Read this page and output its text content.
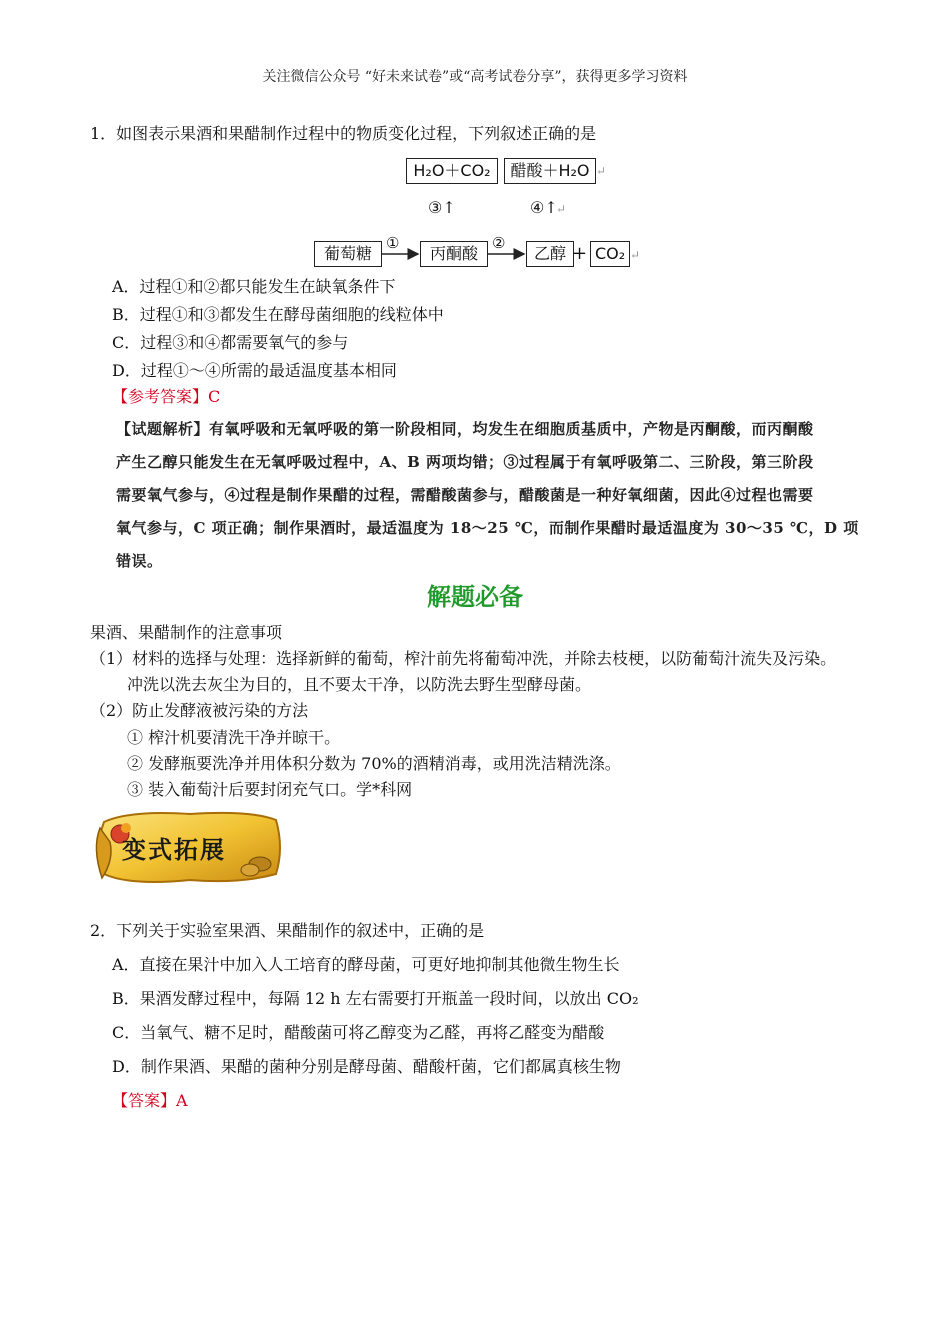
关注微信公众号 “好未来试卷”或“高考试卷分享”，获得更多学习资料
1．如图表示果酒和果醋制作过程中的物质变化过程，下列叙述正确的是
H₂O＋CO₂	醋酸＋H₂O ↵
③↑	④↑
↵
葡萄糖	丙酮酸	乙醇 + CO₂ ↵
①	②
A．过程①和②都只能发生在缺氧条件下
B．过程①和③都发生在酵母菌细胞的线粒体中
C．过程③和④都需要氧气的参与
D．过程①～④所需的最适温度基本相同
【参考答案】C
【试题解析】有氧呼吸和无氧呼吸的第一阶段相同，均发生在细胞质基质中，产物是丙酮酸，而丙酮酸
产生乙醇只能发生在无氧呼吸过程中，A、B 两项均错；③过程属于有氧呼吸第二、三阶段，第三阶段
需要氧气参与，④过程是制作果醋的过程，需醋酸菌参与，醋酸菌是一种好氧细菌，因此④过程也需要
氧气参与，C 项正确；制作果酒时，最适温度为 18～25 ℃，而制作果醋时最适温度为 30～35 ℃，D 项
错误。
解题必备
果酒、果醋制作的注意事项
（1）材料的选择与处理：选择新鲜的葡萄，榨汁前先将葡萄冲洗，并除去枝梗，以防葡萄汁流失及污染。
冲洗以洗去灰尘为目的，且不要太干净，以防洗去野生型酵母菌。
（2）防止发酵液被污染的方法
① 榨汁机要清洗干净并晾干。
② 发酵瓶要洗净并用体积分数为 70%的酒精消毒，或用洗洁精洗涤。
③ 装入葡萄汁后要封闭充气口。学*科网
变式拓展
2．下列关于实验室果酒、果醋制作的叙述中，正确的是
A．直接在果汁中加入人工培育的酵母菌，可更好地抑制其他微生物生长
B．果酒发酵过程中，每隔 12 h 左右需要打开瓶盖一段时间，以放出 CO₂
C．当氧气、糖不足时，醋酸菌可将乙醇变为乙醛，再将乙醛变为醋酸
D．制作果酒、果醋的菌种分别是酵母菌、醋酸杆菌，它们都属真核生物
【答案】A
